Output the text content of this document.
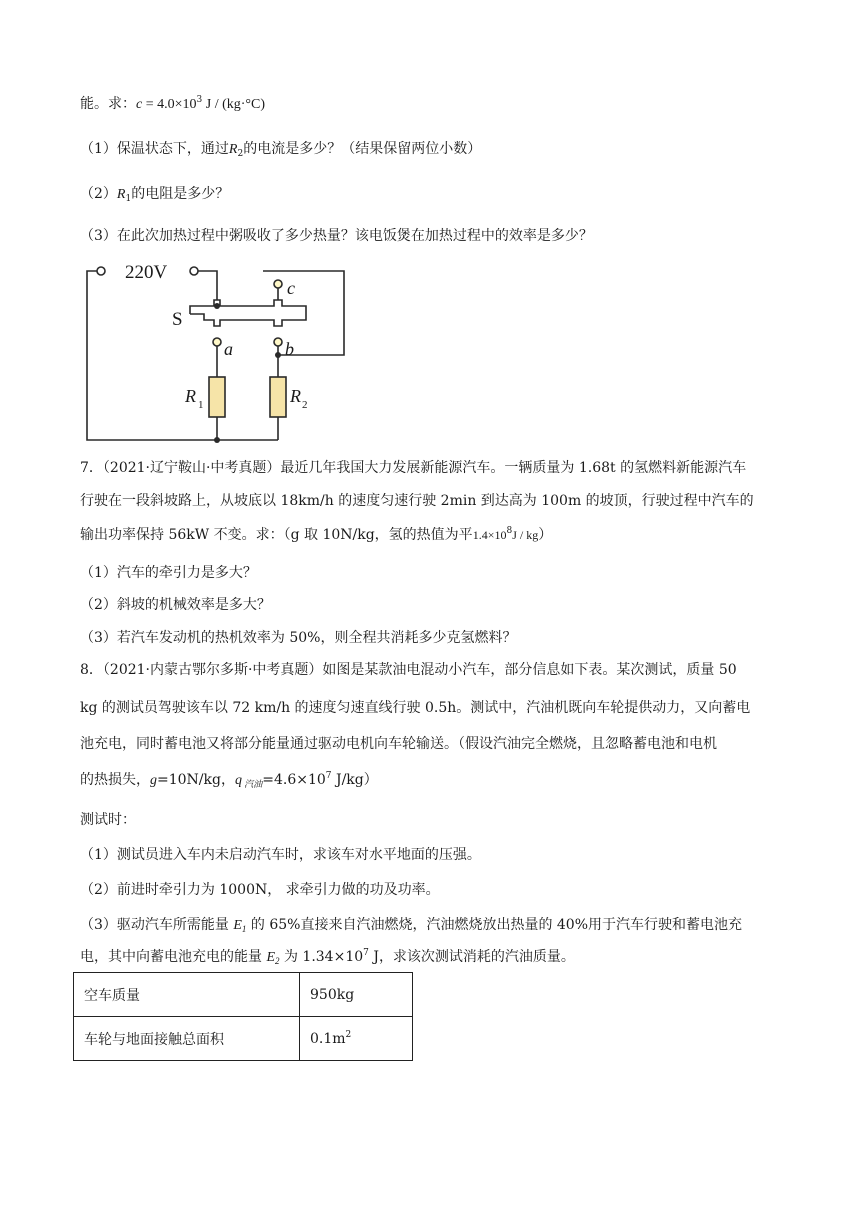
能。求：$c = 4.0\times 10^3$ J / (kg·°C)
（1）保温状态下，通过$R_2$的电流是多少？（结果保留两位小数）
$(2)R_1$的电阻是多少？
（3）在此次加热过程中粥吸收了多少热量？该电饭煲在加热过程中的效率是多少？
220V
S
c
a	b
R 1	R 2
7．（2021·辽宁鞍山·中考真题）最近几年我国大力发展新能源汽车。一辆质量为 1.68t 的氢燃料新能源汽车
行驶在一段斜坡路上，从坡底以 18km/h 的速度匀速行驶 2min 到达高为 100m 的坡顶，行驶过程中汽车的
输出功率保持 56kW 不变。求：（g 取 10N/kg，氢的热值为平$1.4\times 10^8J / kg$）
（1）汽车的牵引力是多大？
（2）斜坡的机械效率是多大？
（3）若汽车发动机的热机效率为 50%，则全程共消耗多少克氢燃料？
8．（2021·内蒙古鄂尔多斯·中考真题）如图是某款油电混动小汽车，部分信息如下表。某次测试，质量 50
kg 的测试员驾驶该车以 72 km/h 的速度匀速直线行驶 0.5h。测试中，汽油机既向车轮提供动力，又向蓄电
池充电，同时蓄电池又将部分能量通过驱动电机向车轮输送。（假设汽油完全燃烧，且忽略蓄电池和电机
的热损失，g=10N/kg，q $_{汽油}=4.6\times 10^7$ J/kg）
测试时：
（1）测试员进入车内未启动汽车时，求该车对水平地面的压强。
（2）前进时牵引力为 1000N， 求牵引力做的功及功率。
（3）驱动汽车所需能量 $E_1$ 的 65%直接来自汽油燃烧，汽油燃烧放出热量的 40%用于汽车行驶和蓄电池充
电，其中向蓄电池充电的能量 $E_2$ 为 $1.34\times 10^7$ J，求该次测试消耗的汽油质量。
空车质量	950kg
车轮与地面接触总面积	$0.1m^2$
